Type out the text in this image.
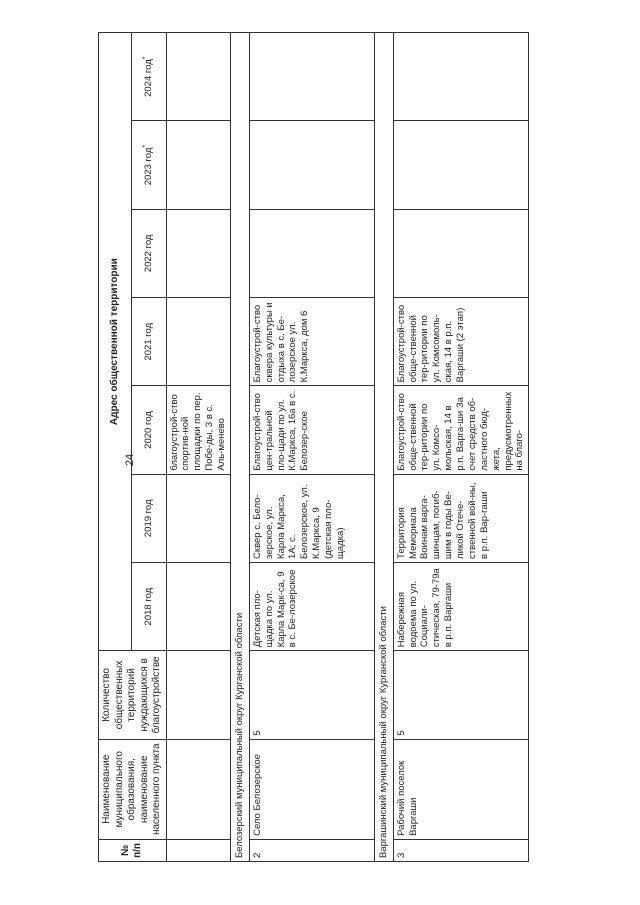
24
№ п/п	Наименование муниципального образования, наименование населенного пункта	Количество общественных территорий нуждающихся в благоустройстве	Адрес общественной территории						
			2018 год	2019 год	2020 год	2021 год	2022 год	2023 год*	2024 год*
					благоустрой-ство спортив-ной площадки по пер. Побе-ды, 3 в с. Аль-менево				
Белозерский муниципальный округ Курганской области									
2	Село Белозерское	5	Детская пло-щадка по ул. Карла Марк-са, 9 в с. Бе-лозерское	Сквер с. Бело-зерское, ул. Карла Маркса, 1А; с. Белозерское, ул. К.Маркса, 9 (детская пло-щадка)	Благоустрой-ство цен-тральной пло-щади по ул. К.Маркса, 16а в с. Белозер-ское	Благоустрой-ство сквера культуры и отдыха в с. Бе-лозерское ул. К.Маркса, дом 6			
Варгашинский муниципальный округ Курганской области									
3	Рабочий поселок Варгаши	5	Набережная водоема по ул. Социали-стическая, 79-79а в р.п. Варгаши	Территория Мемориала Воинам варга-шинцам, погиб-шим в годы Ве-ликой Отече-ственной вой-ны, в р.п. Вар-гаши	Благоустрой-ство обще-ственной тер-ритории по ул. Комсо-мольская, 14 в р.п. Варга-ши За счет средств об-ластного бюд-жета, предусмотренных на благо-	Благоустрой-ство обще-ственной тер-ритории по ул. Комсомоль-ская, 14 в р.п. Варгаши (2 этап)			
